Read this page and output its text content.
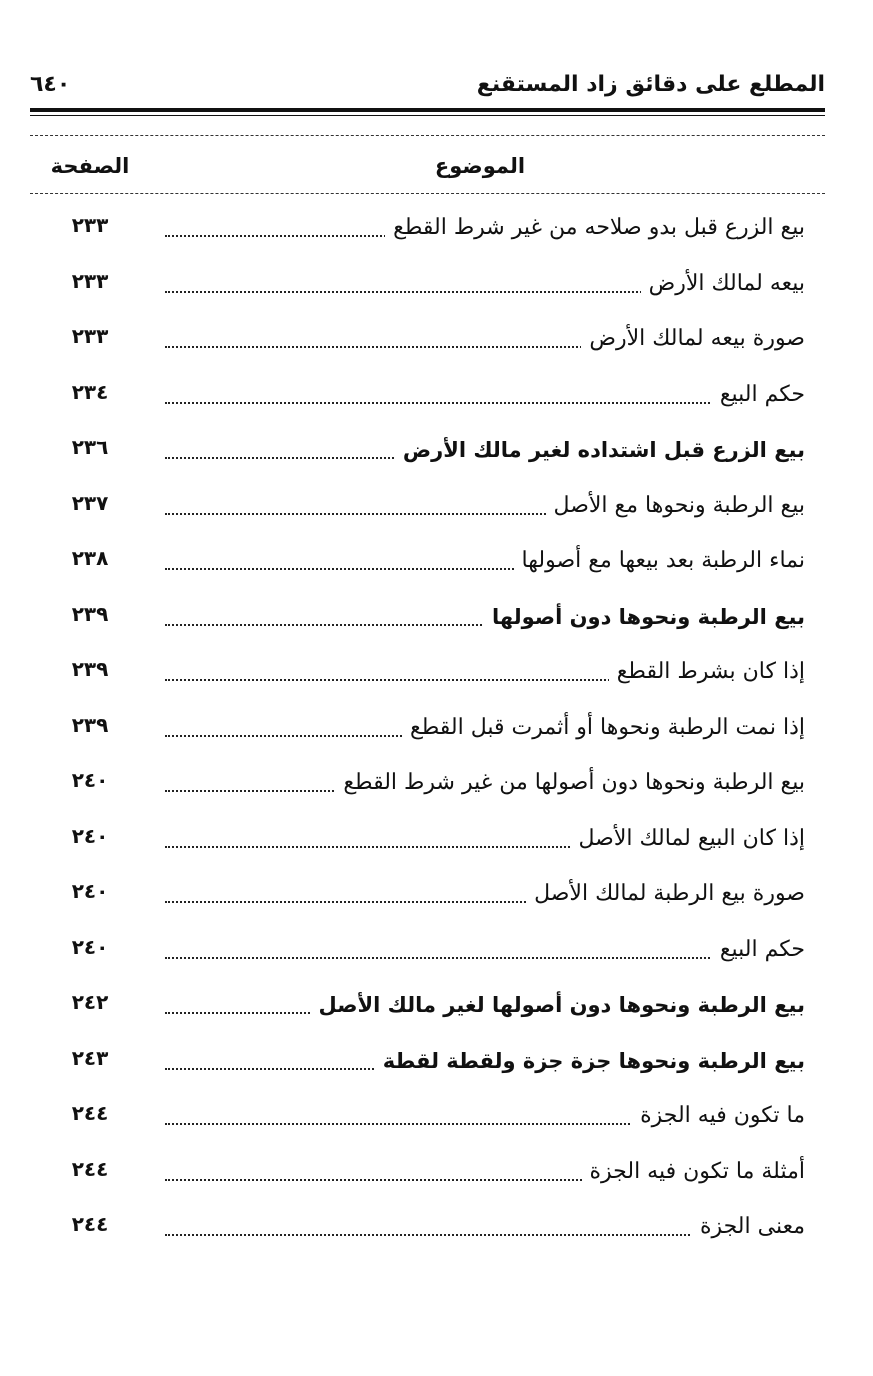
المطلع على دقائق زاد المستقنع
٦٤٠
الموضوع
الصفحة
بيع الزرع قبل بدو صلاحه من غير شرط القطع
٢٣٣
بيعه لمالك الأرض
٢٣٣
صورة بيعه لمالك الأرض
٢٣٣
حكم البيع
٢٣٤
بيع الزرع قبل اشتداده لغير مالك الأرض
٢٣٦
بيع الرطبة ونحوها مع الأصل
٢٣٧
نماء الرطبة بعد بيعها مع أصولها
٢٣٨
بيع الرطبة ونحوها دون أصولها
٢٣٩
إذا كان بشرط القطع
٢٣٩
إذا نمت الرطبة ونحوها أو أثمرت قبل القطع
٢٣٩
بيع الرطبة ونحوها دون أصولها من غير شرط القطع
٢٤٠
إذا كان البيع لمالك الأصل
٢٤٠
صورة بيع الرطبة لمالك الأصل
٢٤٠
حكم البيع
٢٤٠
بيع الرطبة ونحوها دون أصولها لغير مالك الأصل
٢٤٢
بيع الرطبة ونحوها جزة جزة ولقطة لقطة
٢٤٣
ما تكون فيه الجزة
٢٤٤
أمثلة ما تكون فيه الجزة
٢٤٤
معنى الجزة
٢٤٤
